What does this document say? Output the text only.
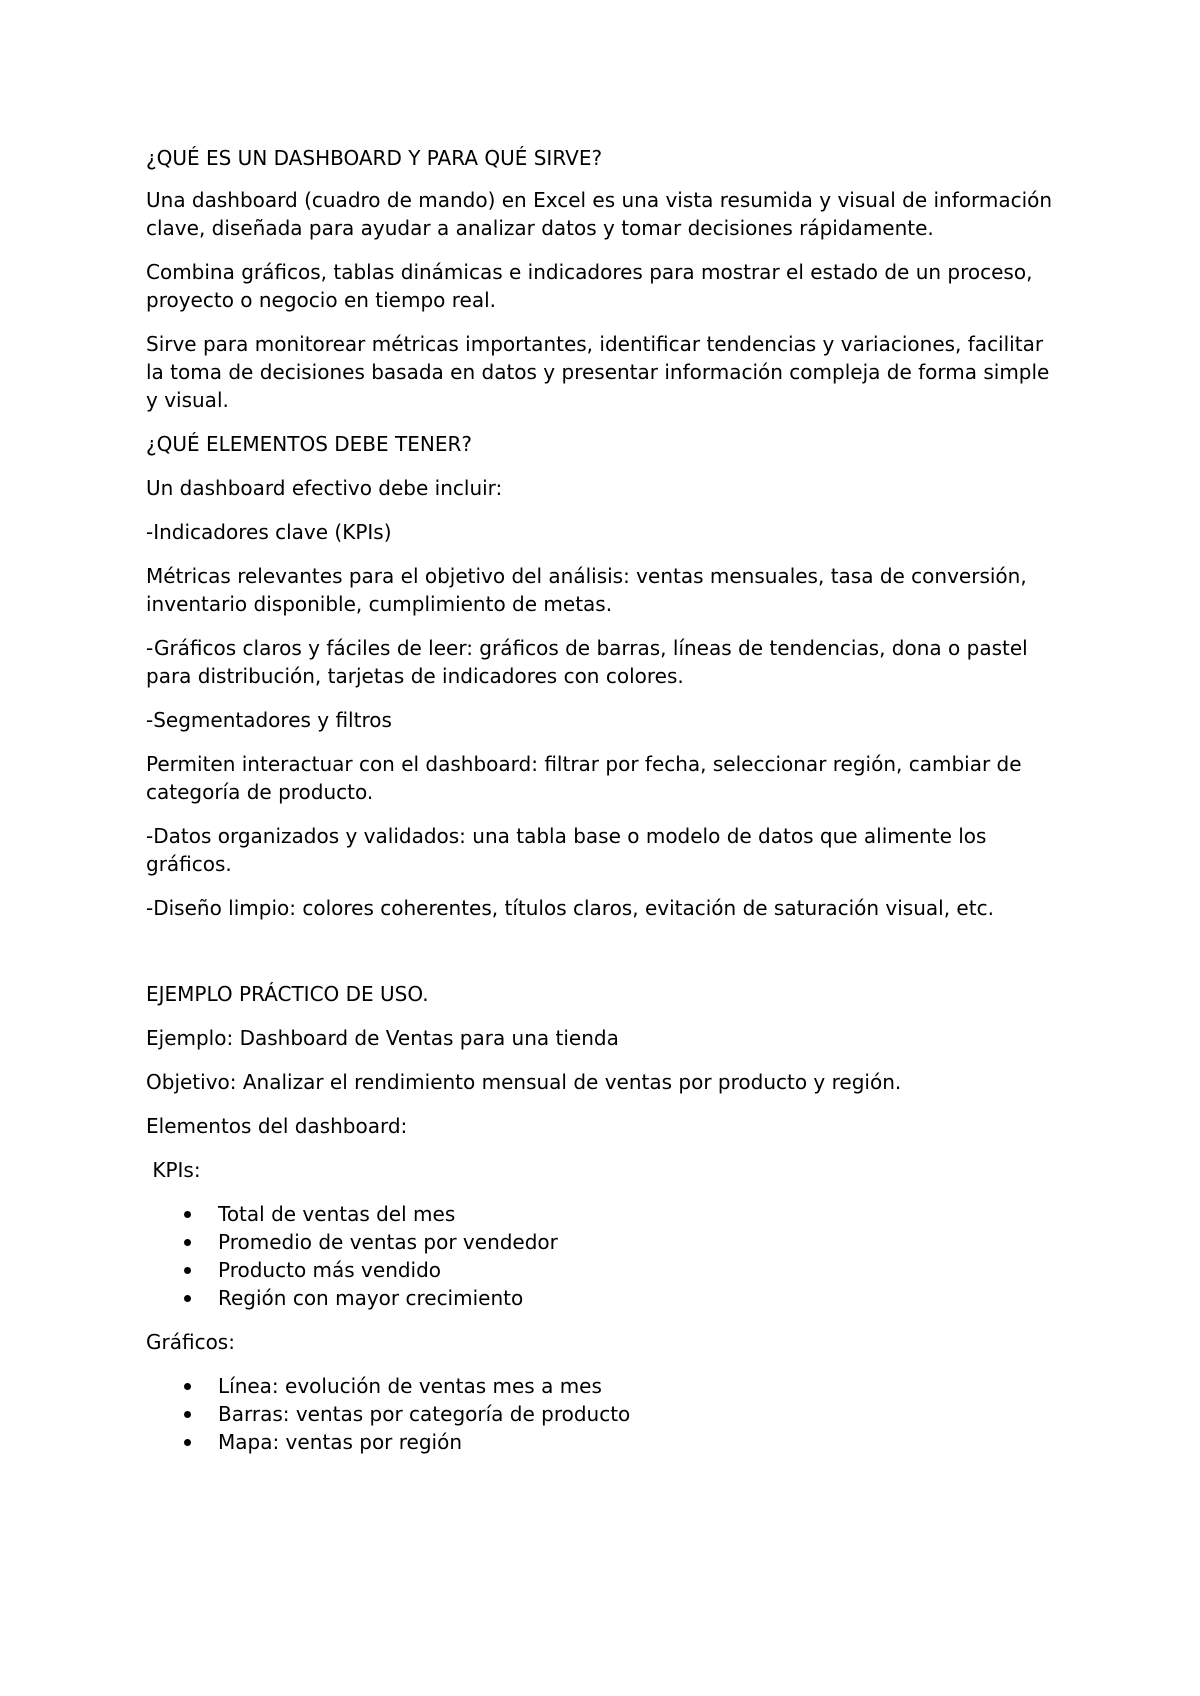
¿QUÉ ES UN DASHBOARD Y PARA QUÉ SIRVE?

Una dashboard (cuadro de mando) en Excel es una vista resumida y visual de información clave, diseñada para ayudar a analizar datos y tomar decisiones rápidamente.

Combina gráficos, tablas dinámicas e indicadores para mostrar el estado de un proceso, proyecto o negocio en tiempo real.

Sirve para monitorear métricas importantes, identificar tendencias y variaciones, facilitar la toma de decisiones basada en datos y presentar información compleja de forma simple y visual.

¿QUÉ ELEMENTOS DEBE TENER?

Un dashboard efectivo debe incluir:

-Indicadores clave (KPIs)

Métricas relevantes para el objetivo del análisis: ventas mensuales, tasa de conversión, inventario disponible, cumplimiento de metas.

-Gráficos claros y fáciles de leer: gráficos de barras, líneas de tendencias, dona o pastel para distribución, tarjetas de indicadores con colores.

-Segmentadores y filtros

Permiten interactuar con el dashboard: filtrar por fecha, seleccionar región, cambiar de categoría de producto.

-Datos organizados y validados: una tabla base o modelo de datos que alimente los gráficos.

-Diseño limpio: colores coherentes, títulos claros, evitación de saturación visual, etc.

EJEMPLO PRÁCTICO DE USO.

Ejemplo: Dashboard de Ventas para una tienda

Objetivo: Analizar el rendimiento mensual de ventas por producto y región.

Elementos del dashboard:

KPIs:

Total de ventas del mes
Promedio de ventas por vendedor
Producto más vendido
Región con mayor crecimiento

Gráficos:

Línea: evolución de ventas mes a mes
Barras: ventas por categoría de producto
Mapa: ventas por región
